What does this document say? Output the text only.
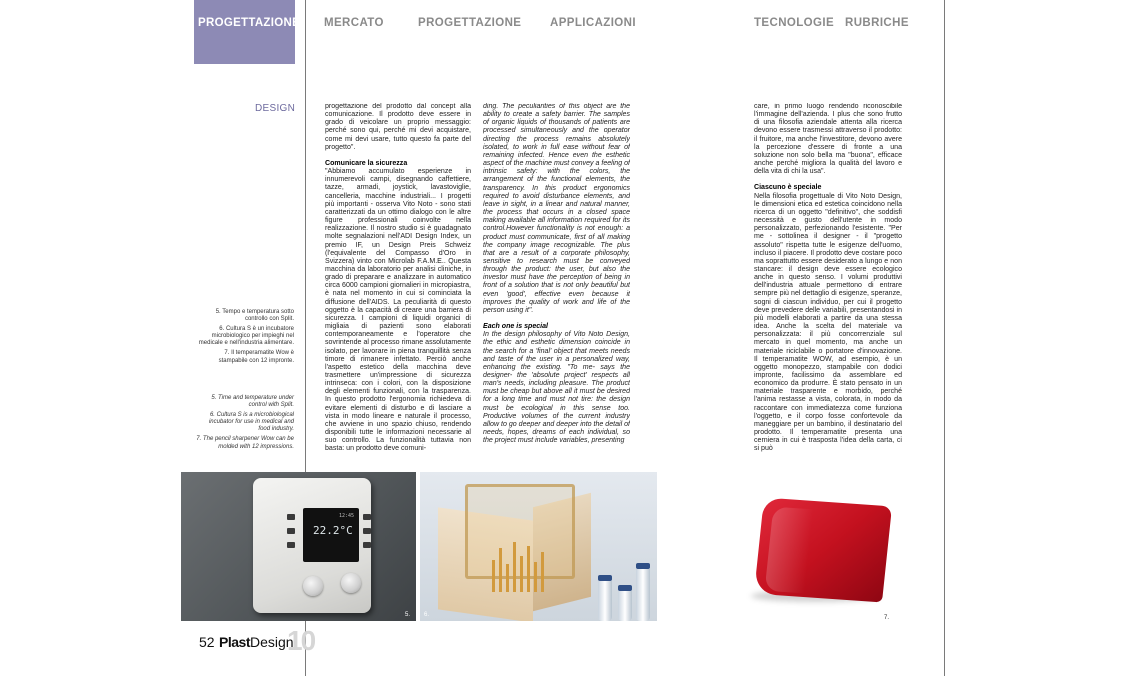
PROGETTAZIONE MERCATO	PROGETTAZIONE APPLICAZIONI	TECNOLOGIE RUBRICHE
DESIGN

5. Tempo e temperatura sotto controllo con Split.

6. Cultura S è un incubatore microbiologico per impieghi nel medicale e nell'industria alimentare.

7. Il temperamatite Wow è stampabile con 12 impronte.

5. Time and temperature under control with Split.

6. Cultura S is a microbiological incubator for use in medical and food industry.

7. The pencil sharpener Wow can be molded with 12 impressions.

progettazione del prodotto dal concept alla comunicazione. Il prodotto deve essere in grado di veicolare un proprio messaggio: perché sono qui, perché mi devi acquistare, come mi devi usare, tutto questo fa parte del progetto".

Comunicare la sicurezza

"Abbiamo accumulato esperienze in innumerevoli campi, disegnando caffettiere, tazze, armadi, joystick, lavastoviglie, cancelleria, macchine industriali... I progetti più importanti - osserva Vito Noto - sono stati caratterizzati da un ottimo dialogo con le altre figure professionali coinvolte nella realizzazione. Il nostro studio si è guadagnato molte segnalazioni nell'ADI Design Index, un premio IF, un Design Preis Schweiz (l'equivalente del Compasso d'Oro in Svizzera) vinto con Microlab F.A.M.E.. Questa macchina da laboratorio per analisi cliniche, in grado di preparare e analizzare in automatico circa 6000 campioni giornalieri in micropiastra, è nata nel momento in cui si cominciata la diffusione dell'AIDS. La peculiarità di questo oggetto è la capacità di creare una barriera di sicurezza. I campioni di liquidi organici di migliaia di pazienti sono elaborati contemporaneamente e l'operatore che sovrintende al processo rimane assolutamente isolato, per lavorare in piena tranquillità senza timore di rimanere infettato. Perciò anche l'aspetto estetico della macchina deve trasmettere un'impressione di sicurezza intrinseca: con i colori, con la disposizione degli elementi funzionali, con la trasparenza. In questo prodotto l'ergonomia richiedeva di evitare elementi di disturbo e di lasciare a vista in modo lineare e naturale il processo, che avviene in uno spazio chiuso, rendendo disponibili tutte le informazioni necessarie al suo controllo. La funzionalità tuttavia non basta: un prodotto deve comuni-

ding. The peculiarities of this object are the ability to create a safety barrier. The samples of organic liquids of thousands of patients are processed simultaneously and the operator directing the process remains absolutely isolated, to work in full ease without fear of remaining infected. Hence even the esthetic aspect of the machine must convey a feeling of intrinsic safety: with the colors, the arrangement of the functional elements, the transparency. In this product ergonomics required to avoid disturbance elements, and leave in sight, in a linear and natural manner, the process that occurs in a closed space making available all information required for its control.However functionality is not enough: a product must communicate, first of all making the company image recognizable. The plus that are a result of a corporate philosophy, sensitive to research must be conveyed through the product: the user, but also the investor must have the perception of being in front of a solution that is not only beautiful but even 'good', effective even because it improves the quality of work and life of the person using it".

Each one is special

In the design philosophy of Vito Noto Design, the ethic and esthetic dimension coincide in the search for a 'final' object that meets needs and taste of the user in a personalized way, enhancing the existing. "To me- says the designer- the 'absolute project' respects all man's needs, including pleasure. The product must be cheap but above all it must be desired for a long time and must not tire: the design must be ecological in this sense too. Productive volumes of the current industry allow to go deeper and deeper into the detail of needs, hopes, dreams of each individual, so the project must include variables, presenting

care, in primo luogo rendendo riconoscibile l'immagine dell'azienda. I plus che sono frutto di una filosofia aziendale attenta alla ricerca devono essere trasmessi attraverso il prodotto: il fruitore, ma anche l'investitore, devono avere la percezione d'essere di fronte a una soluzione non solo bella ma "buona", efficace anche perché migliora la qualità del lavoro e della vita di chi la usa".

Ciascuno è speciale

Nella filosofia progettuale di Vito Noto Design, le dimensioni etica ed estetica coincidono nella ricerca di un oggetto "definitivo", che soddisfi necessità e gusto dell'utente in modo personalizzato, perfezionando l'esistente. "Per me - sottolinea il designer - il "progetto assoluto" rispetta tutte le esigenze dell'uomo, incluso il piacere. Il prodotto deve costare poco ma soprattutto essere desiderato a lungo e non stancare: il design deve essere ecologico anche in questo senso. I volumi produttivi dell'industria attuale permettono di entrare sempre più nel dettaglio di esigenze, speranze, sogni di ciascun individuo, per cui il progetto deve prevedere delle variabili, presentandosi in più modelli elaborati a partire da una stessa idea. Anche la scelta del materiale va personalizzata: il più concorrenziale sul mercato in quel momento, ma anche un materiale riciclabile o portatore d'innovazione. Il temperamatite WOW, ad esempio, è un oggetto monopezzo, stampabile con dodici impronte, facilissimo da assemblare ed economico da produrre. È stato pensato in un materiale trasparente e morbido, perché l'anima restasse a vista, colorata, in modo da raccontare con immediatezza come funziona l'oggetto, e il corpo fosse confortevole da maneggiare per un bambino, il destinatario del prodotto. Il temperamatite presenta una cerniera in cui è trasposta l'idea della carta, ci si può

12:45
22.2°C
5. 6.	7.
52 PlastDesign
10
